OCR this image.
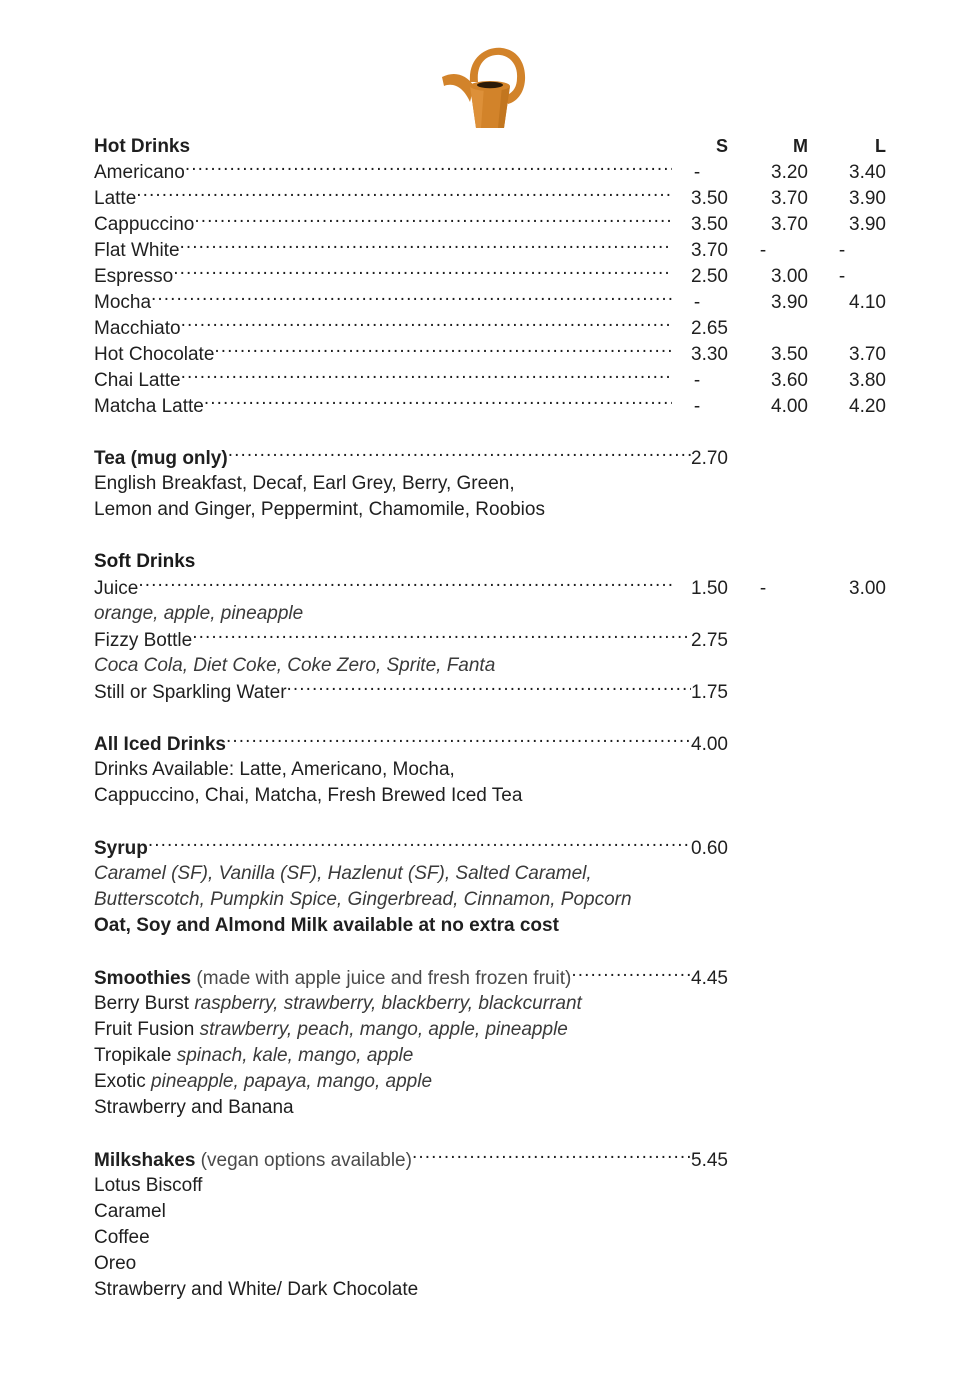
Hot Drinks	S	M	L
Americano .....	-	3.20	3.40
Latte .....	3.50	3.70	3.90
Cappuccino .....	3.50	3.70	3.90
Flat White .....	3.70	-	-
Espresso .....	2.50	3.00	-
Mocha .....	-	3.90	4.10
Macchiato .....	2.65
Hot Chocolate .....	3.30	3.50	3.70
Chai Latte .....	-	3.60	3.80
Matcha Latte .....	-	4.00	4.20
Tea (mug only) .....	2.70
English Breakfast, Decaf, Earl Grey, Berry, Green,
Lemon and Ginger, Peppermint, Chamomile, Roobios
Soft Drinks
Juice .....	1.50	-	3.00
orange, apple, pineapple
Fizzy Bottle .....	2.75
Coca Cola, Diet Coke, Coke Zero, Sprite, Fanta
Still or Sparkling Water .....	1.75
All Iced Drinks .....	4.00
Drinks Available: Latte, Americano, Mocha,
Cappuccino, Chai, Matcha, Fresh Brewed Iced Tea
Syrup .....	0.60
Caramel (SF), Vanilla (SF), Hazlenut (SF), Salted Caramel,
Butterscotch, Pumpkin Spice, Gingerbread, Cinnamon, Popcorn
Oat, Soy and Almond Milk available at no extra cost
Smoothies (made with apple juice and fresh frozen fruit) .....	4.45
Berry Burst raspberry, strawberry, blackberry, blackcurrant
Fruit Fusion strawberry, peach, mango, apple, pineapple
Tropikale spinach, kale, mango, apple
Exotic pineapple, papaya, mango, apple
Strawberry and Banana
Milkshakes (vegan options available) .....	5.45
Lotus Biscoff
Caramel
Coffee
Oreo
Strawberry and White/ Dark Chocolate
